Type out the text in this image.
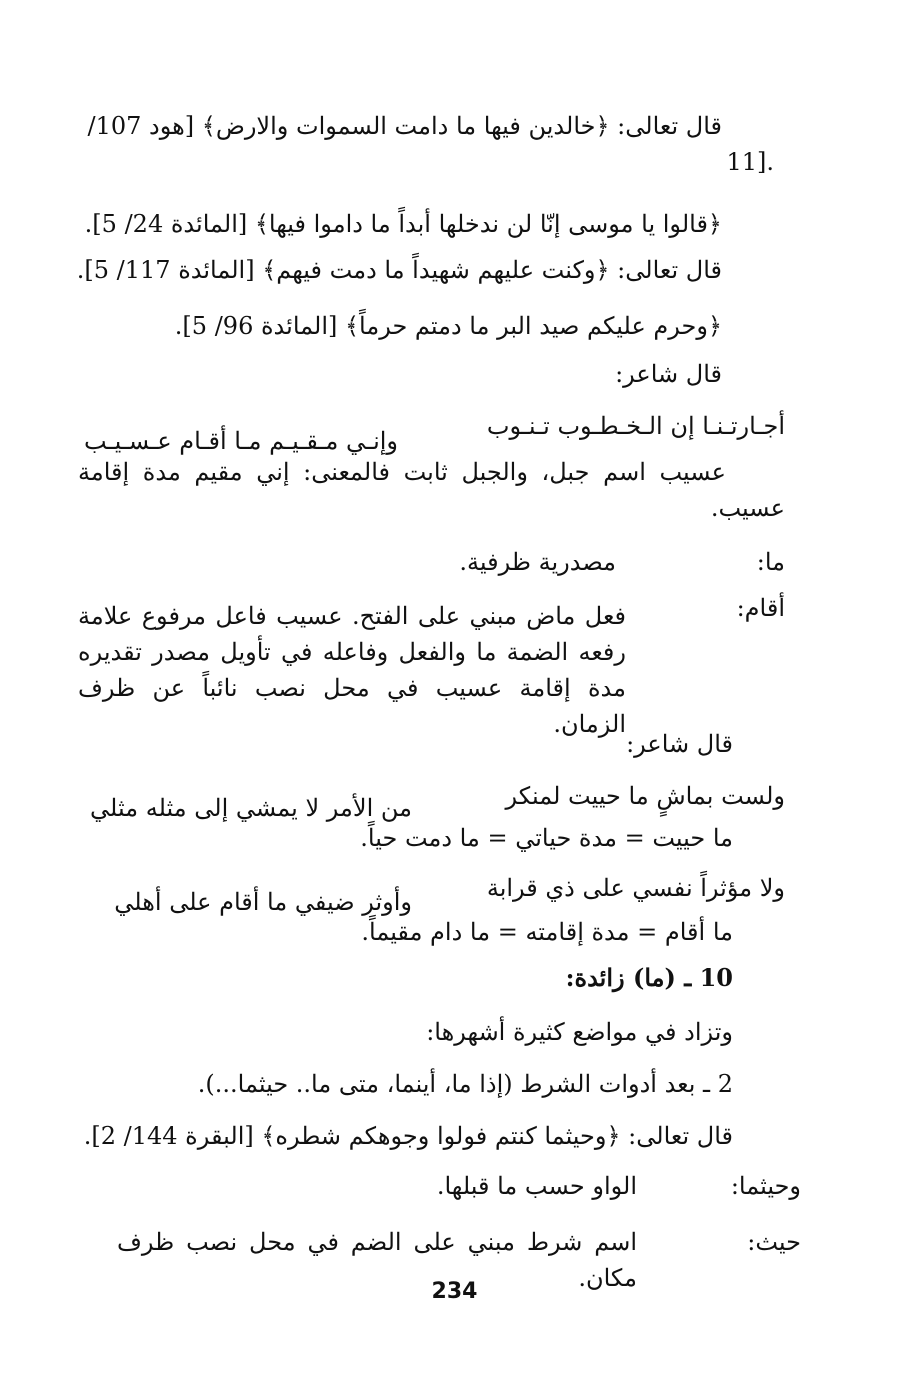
قال تعالى: ﴿خالدين فيها ما دامت السموات والارض﴾ [هود 107/
11].
﴿قالوا يا موسى إنّا لن ندخلها أبداً ما داموا فيها﴾ [المائدة 24/ 5].
قال تعالى: ﴿وكنت عليهم شهيداً ما دمت فيهم﴾ [المائدة 117/ 5].
﴿وحرم عليكم صيد البر ما دمتم حرماً﴾ [المائدة 96/ 5].
قال شاعر:
أجـارتـنـا إن الـخـطـوب تـنـوب
وإنـي مـقـيـم مـا أقـام عـسـيـب
عسيب اسم جبل، والجبل ثابت فالمعنى: إني مقيم مدة إقامة
عسيب.
ما:
مصدرية ظرفية.
أقام:
فعل ماض مبني على الفتح. عسيب فاعل مرفوع علامة رفعه الضمة ما والفعل وفاعله في تأويل مصدر تقديره مدة إقامة عسيب في محل نصب نائباً عن ظرف الزمان.
قال شاعر:
ولست بماشٍ ما حييت لمنكر
من الأمر لا يمشي إلى مثله مثلي
ما حييت = مدة حياتي = ما دمت حياً.
ولا مؤثراً نفسي على ذي قرابة
وأوثر ضيفي ما أقام على أهلي
ما أقام = مدة إقامته = ما دام مقيماً.
10 ـ (ما) زائدة:
وتزاد في مواضع كثيرة أشهرها:
2 ـ بعد أدوات الشرط (إذا ما، أينما، متى ما.. حيثما...).
قال تعالى: ﴿وحيثما كنتم فولوا وجوهكم شطره﴾ [البقرة 144/ 2].
وحيثما:
الواو حسب ما قبلها.
حيث:
اسم شرط مبني على الضم في محل نصب ظرف مكان.
234
